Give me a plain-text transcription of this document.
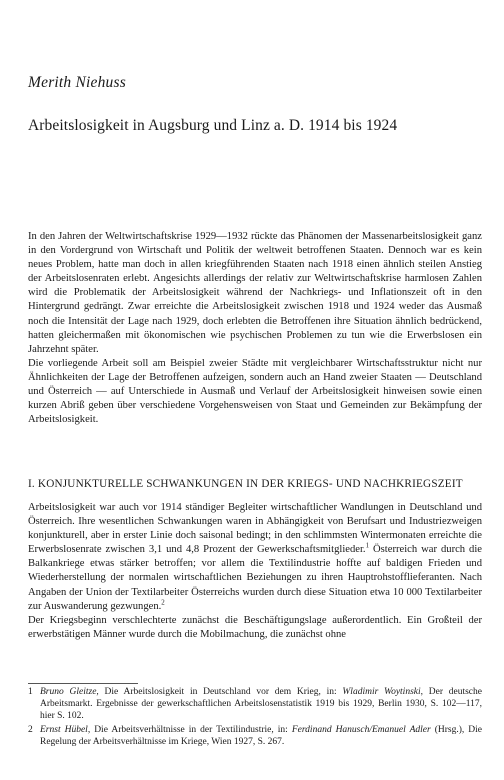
Merith Niehuss
Arbeitslosigkeit in Augsburg und Linz a. D. 1914 bis 1924

In den Jahren der Weltwirtschaftskrise 1929—1932 rückte das Phänomen der Massenarbeitslosigkeit ganz in den Vordergrund von Wirtschaft und Politik der weltweit betroffenen Staaten. Dennoch war es kein neues Problem, hatte man doch in allen kriegführenden Staaten nach 1918 einen ähnlich steilen Anstieg der Arbeitslosenraten erlebt. Angesichts allerdings der relativ zur Weltwirtschaftskrise harmlosen Zahlen wird die Problematik der Arbeitslosigkeit während der Nachkriegs- und Inflationszeit oft in den Hintergrund gedrängt. Zwar erreichte die Arbeitslosigkeit zwischen 1918 und 1924 weder das Ausmaß noch die Intensität der Lage nach 1929, doch erlebten die Betroffenen ihre Situation ähnlich bedrückend, hatten gleichermaßen mit ökonomischen wie psychischen Problemen zu tun wie die Erwerbslosen ein Jahrzehnt später.

Die vorliegende Arbeit soll am Beispiel zweier Städte mit vergleichbarer Wirtschaftsstruktur nicht nur Ähnlichkeiten der Lage der Betroffenen aufzeigen, sondern auch an Hand zweier Staaten — Deutschland und Österreich — auf Unterschiede in Ausmaß und Verlauf der Arbeitslosigkeit hinweisen sowie einen kurzen Abriß geben über verschiedene Vorgehensweisen von Staat und Gemeinden zur Bekämpfung der Arbeitslosigkeit.

I. KONJUNKTURELLE SCHWANKUNGEN IN DER KRIEGS- UND NACHKRIEGSZEIT

Arbeitslosigkeit war auch vor 1914 ständiger Begleiter wirtschaftlicher Wandlungen in Deutschland und Österreich. Ihre wesentlichen Schwankungen waren in Abhängigkeit von Berufsart und Industriezweigen konjunkturell, aber in erster Linie doch saisonal bedingt; in den schlimmsten Wintermonaten erreichte die Erwerbslosenrate zwischen 3,1 und 4,8 Prozent der Gewerkschaftsmitglieder.$^1$ Österreich war durch die Balkankriege etwas stärker betroffen; vor allem die Textilindustrie hoffte auf baldigen Frieden und Wiederherstellung der normalen wirtschaftlichen Beziehungen zu ihren Hauptrohstofflieferanten. Nach Angaben der Union der Textilarbeiter Österreichs wurden durch diese Situation etwa 10 000 Textilarbeiter zur Auswanderung gezwungen.$^2$

Der Kriegsbeginn verschlechterte zunächst die Beschäftigungslage außerordentlich. Ein Großteil der erwerbstätigen Männer wurde durch die Mobilmachung, die zunächst ohne

1 Bruno Gleitze, Die Arbeitslosigkeit in Deutschland vor dem Krieg, in: Wladimir Woytinski, Der deutsche Arbeitsmarkt. Ergebnisse der gewerkschaftlichen Arbeitslosenstatistik 1919 bis 1929, Berlin 1930, S. 102—117, hier S. 102.
2 Ernst Hübel, Die Arbeitsverhältnisse in der Textilindustrie, in: Ferdinand Hanusch/Emanuel Adler (Hrsg.), Die Regelung der Arbeitsverhältnisse im Kriege, Wien 1927, S. 267.
